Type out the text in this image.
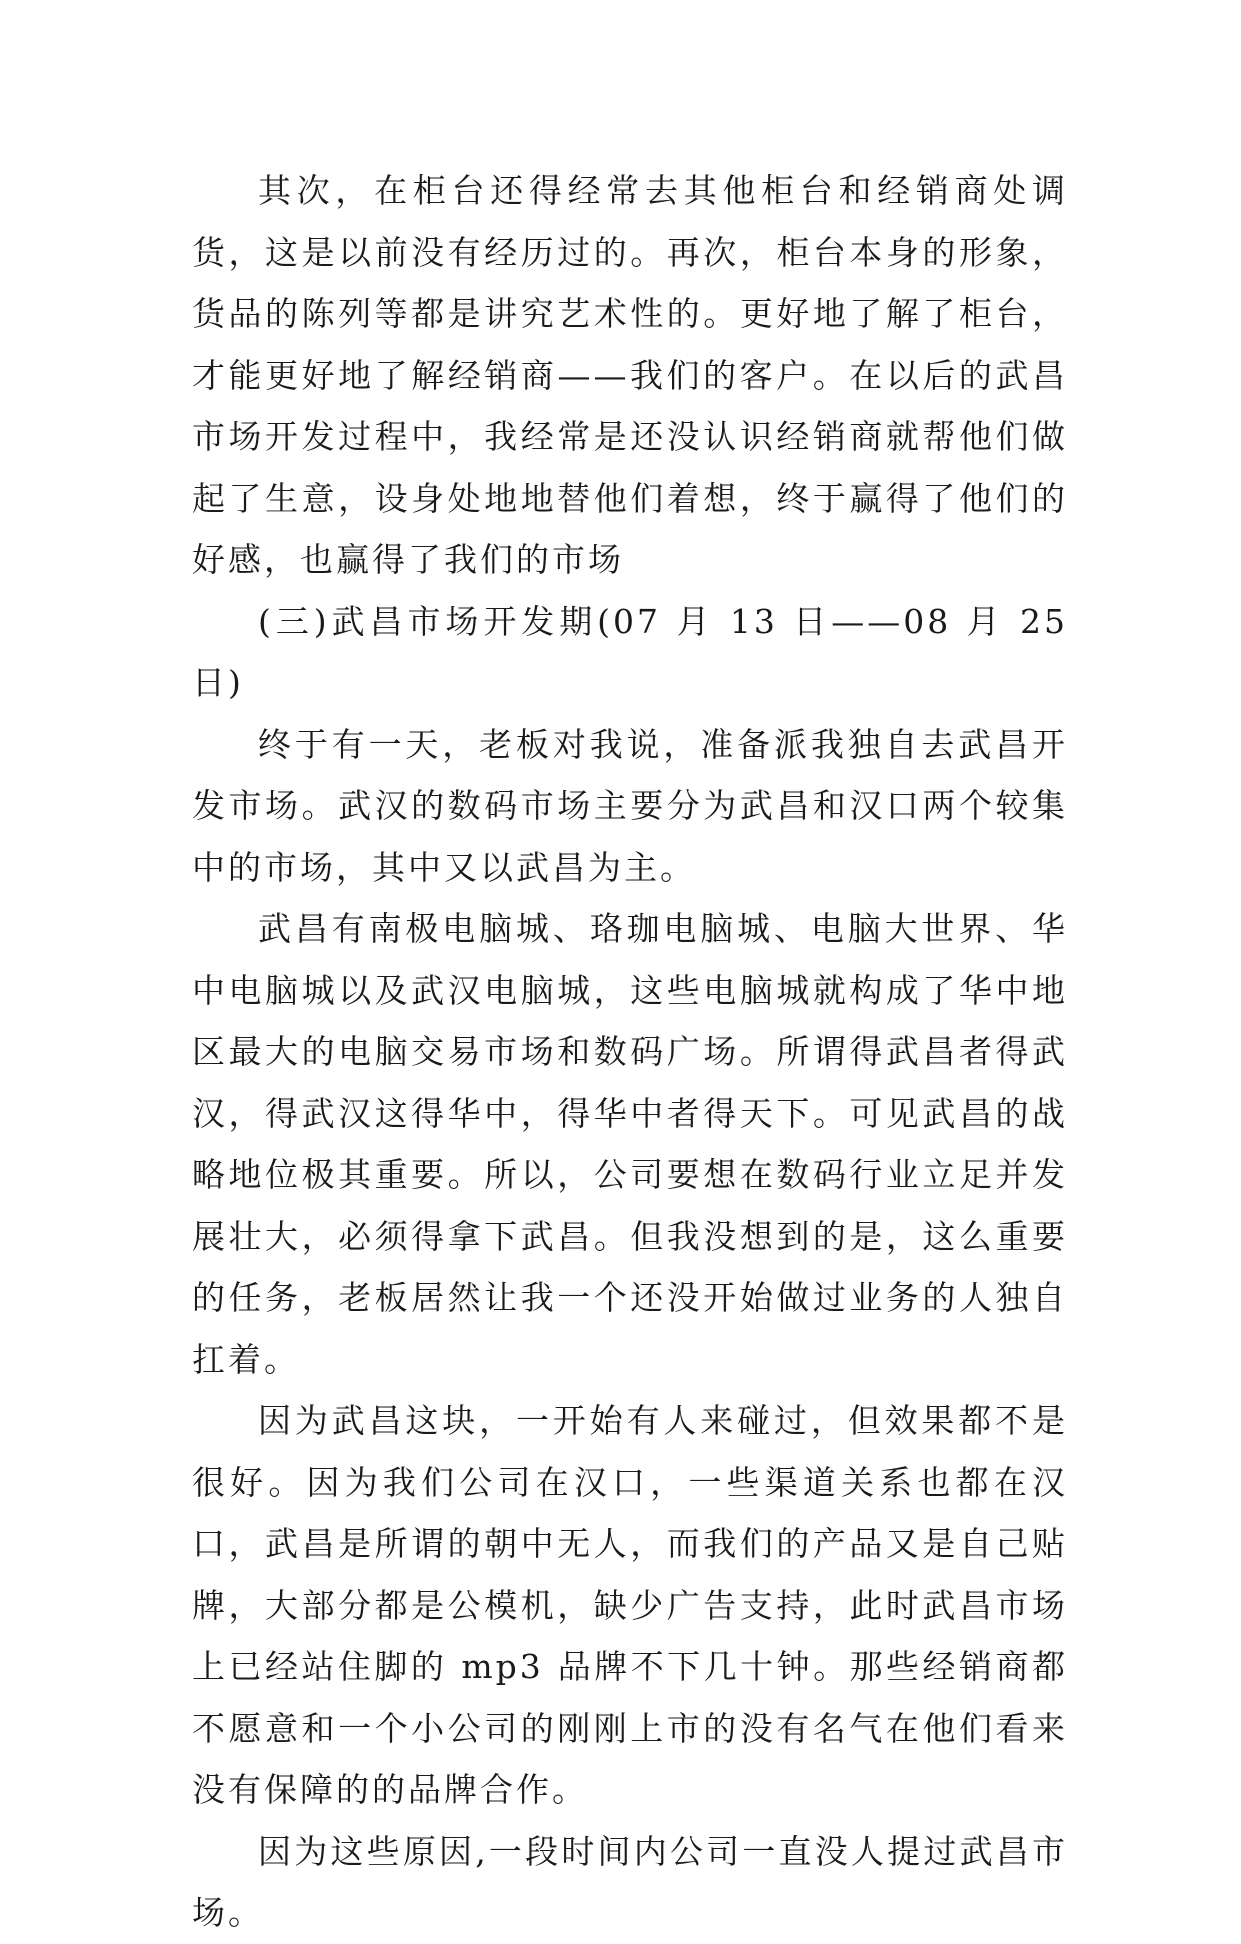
其次，在柜台还得经常去其他柜台和经销商处调货，这是以前没有经历过的。再次，柜台本身的形象，货品的陈列等都是讲究艺术性的。更好地了解了柜台，才能更好地了解经销商——我们的客户。在以后的武昌市场开发过程中，我经常是还没认识经销商就帮他们做起了生意，设身处地地替他们着想，终于赢得了他们的好感，也赢得了我们的市场

(三)武昌市场开发期(07 月 13 日——08 月 25 日)

终于有一天，老板对我说，准备派我独自去武昌开发市场。武汉的数码市场主要分为武昌和汉口两个较集中的市场，其中又以武昌为主。

武昌有南极电脑城、珞珈电脑城、电脑大世界、华中电脑城以及武汉电脑城，这些电脑城就构成了华中地区最大的电脑交易市场和数码广场。所谓得武昌者得武汉，得武汉这得华中，得华中者得天下。可见武昌的战略地位极其重要。所以，公司要想在数码行业立足并发展壮大，必须得拿下武昌。但我没想到的是，这么重要的任务，老板居然让我一个还没开始做过业务的人独自扛着。

因为武昌这块，一开始有人来碰过，但效果都不是很好。因为我们公司在汉口，一些渠道关系也都在汉口，武昌是所谓的朝中无人，而我们的产品又是自己贴牌，大部分都是公模机，缺少广告支持，此时武昌市场上已经站住脚的 mp3 品牌不下几十钟。那些经销商都不愿意和一个小公司的刚刚上市的没有名气在他们看来没有保障的的品牌合作。

因为这些原因,一段时间内公司一直没人提过武昌市场。
